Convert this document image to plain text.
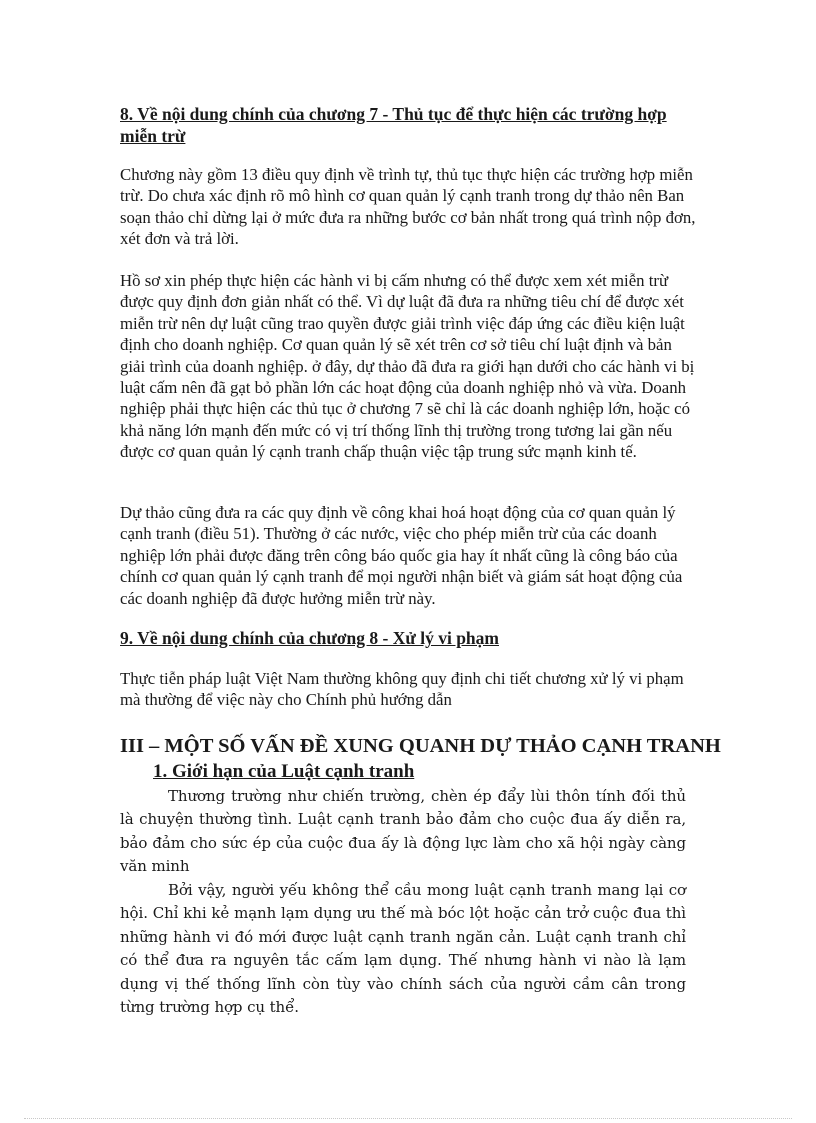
8. Về nội dung chính của chương 7 - Thủ tục để thực hiện các trường hợp miễn trừ
Chương này gồm 13 điều quy định về trình tự, thủ tục thực hiện các trường hợp miễn trừ. Do chưa xác định rõ mô hình cơ quan quản lý cạnh tranh trong dự thảo nên Ban soạn thảo chỉ dừng lại ở mức đưa ra những bước cơ bản nhất trong quá trình nộp đơn, xét đơn và trả lời.
Hồ sơ xin phép thực hiện các hành vi bị cấm nhưng có thể được xem xét miễn trừ được quy định đơn giản nhất có thể. Vì dự luật đã đưa ra những tiêu chí để được xét miễn trừ nên dự luật cũng trao quyền được giải trình việc đáp ứng các điều kiện luật định cho doanh nghiệp. Cơ quan quản lý sẽ xét trên cơ sở tiêu chí luật định và bản giải trình của doanh nghiệp. ở đây, dự thảo đã đưa ra giới hạn dưới cho các hành vi bị luật cấm nên đã gạt bỏ phần lớn các hoạt động của doanh nghiệp nhỏ và vừa. Doanh nghiệp phải thực hiện các thủ tục ở chương 7 sẽ chỉ là các doanh nghiệp lớn, hoặc có khả năng lớn mạnh đến mức có vị trí thống lĩnh thị trường trong tương lai gần nếu được cơ quan quản lý cạnh tranh chấp thuận việc tập trung sức mạnh kinh tế.
Dự thảo cũng đưa ra các quy định về công khai hoá hoạt động của cơ quan quản lý cạnh tranh (điều 51). Thường ở các nước, việc cho phép miễn trừ của các doanh nghiệp lớn phải được đăng trên công báo quốc gia hay ít nhất cũng là công báo của chính cơ quan quản lý cạnh tranh để mọi người nhận biết và giám sát hoạt động của các doanh nghiệp đã được hưởng miễn trừ này.
9. Về nội dung chính của chương 8 - Xử lý vi phạm
Thực tiễn pháp luật Việt Nam thường không quy định chi tiết chương xử lý vi phạm mà thường để việc này cho Chính phủ hướng dẫn
III – MỘT SỐ VẤN ĐỀ XUNG QUANH DỰ THẢO CẠNH TRANH
1. Giới hạn của Luật cạnh tranh
Thương trường như chiến trường, chèn ép đẩy lùi thôn tính đối thủ là chuyện thường tình. Luật cạnh tranh bảo đảm cho cuộc đua ấy diễn ra, bảo đảm cho sức ép của cuộc đua ấy là động lực làm cho xã hội ngày càng văn minh
Bởi vậy, người yếu không thể cầu mong luật cạnh tranh mang lại cơ hội. Chỉ khi kẻ mạnh lạm dụng ưu thế mà bóc lột hoặc cản trở cuộc đua thì những hành vi đó mới được luật cạnh tranh ngăn cản. Luật cạnh tranh chỉ có thể đưa ra nguyên tắc cấm lạm dụng. Thế nhưng hành vi nào là lạm dụng vị thế thống lĩnh còn tùy vào chính sách của người cầm cân trong từng trường hợp cụ thể.
